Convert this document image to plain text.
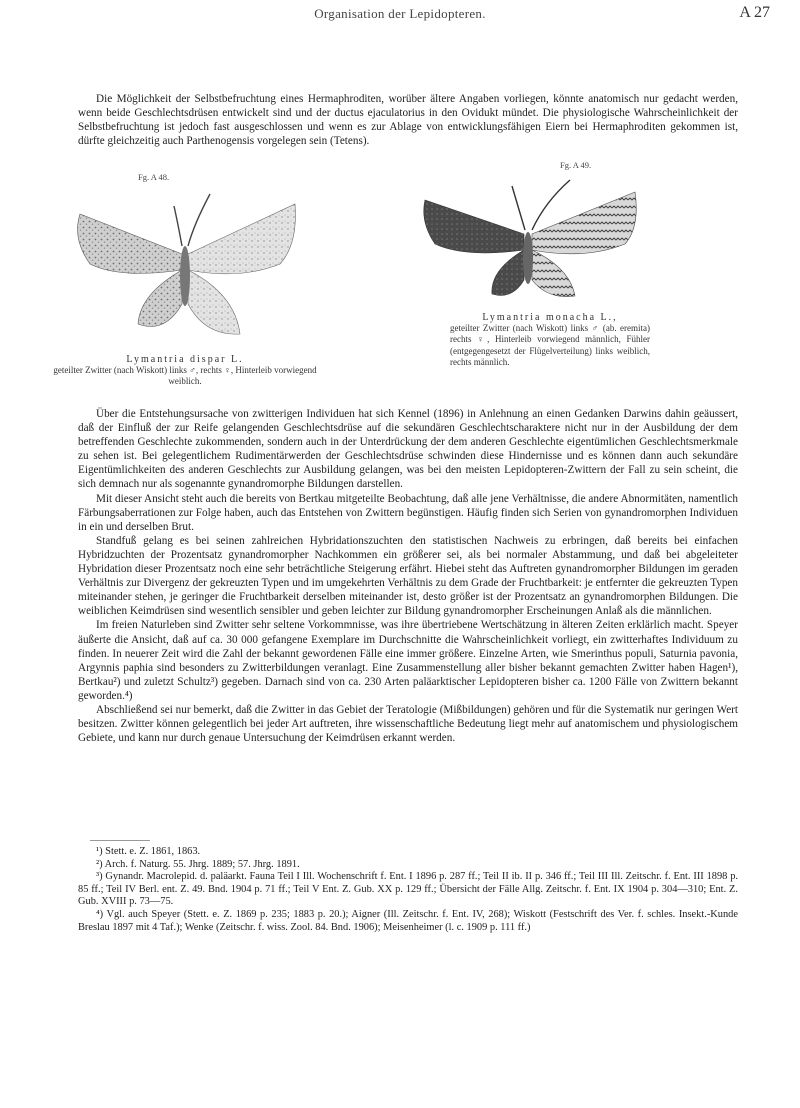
Organisation der Lepidopteren.	A 27

Die Möglichkeit der Selbstbefruchtung eines Hermaphroditen, worüber ältere Angaben vorliegen, könnte anatomisch nur gedacht werden, wenn beide Geschlechtsdrüsen entwickelt sind und der ductus ejaculatorius in den Ovidukt mündet. Die physiologische Wahrscheinlichkeit der Selbstbefruchtung ist jedoch fast ausgeschlossen und wenn es zur Ablage von entwicklungsfähigen Eiern bei Hermaphroditen gekommen ist, dürfte gleichzeitig auch Parthenogensis vorgelegen sein (Tetens).

Fg. A 48.
Lymantria dispar L.
geteilter Zwitter (nach Wiskott) links ♂, rechts ♀, Hinterleib vorwiegend weiblich.
Fg. A 49.
Lymantria monacha L.,
geteilter Zwitter (nach Wiskott) links ♂ (ab. eremita) rechts ♀, Hinterleib vorwiegend männlich, Fühler (entgegengesetzt der Flügelverteilung) links weiblich, rechts männlich.

Über die Entstehungsursache von zwitterigen Individuen hat sich Kennel (1896) in Anlehnung an einen Gedanken Darwins dahin geäussert, daß der Einfluß der zur Reife gelangenden Geschlechtsdrüse auf die sekundären Geschlechtscharaktere nicht nur in der Ausbildung der dem betreffenden Geschlechte zukommenden, sondern auch in der Unterdrückung der dem anderen Geschlechte eigentümlichen Geschlechtsmerkmale zu sehen ist. Bei gelegentlichem Rudimentärwerden der Geschlechtsdrüse schwinden diese Hindernisse und es können dann auch sekundäre Eigentümlichkeiten des anderen Geschlechts zur Ausbildung gelangen, was bei den meisten Lepidopteren-Zwittern der Fall zu sein scheint, die sich demnach nur als sogenannte gynandromorphe Bildungen darstellen.

Mit dieser Ansicht steht auch die bereits von Bertkau mitgeteilte Beobachtung, daß alle jene Verhältnisse, die andere Abnormitäten, namentlich Färbungsaberrationen zur Folge haben, auch das Entstehen von Zwittern begünstigen. Häufig finden sich Serien von gynandromorphen Individuen in ein und derselben Brut.

Standfuß gelang es bei seinen zahlreichen Hybridationszuchten den statistischen Nachweis zu erbringen, daß bereits bei einfachen Hybridzuchten der Prozentsatz gynandromorpher Nachkommen ein größerer sei, als bei normaler Abstammung, und daß bei abgeleiteter Hybridation dieser Prozentsatz noch eine sehr beträchtliche Steigerung erfährt. Hiebei steht das Auftreten gynandromorpher Bildungen im geraden Verhältnis zur Divergenz der gekreuzten Typen und im umgekehrten Verhältnis zu dem Grade der Fruchtbarkeit: je entfernter die gekreuzten Typen miteinander stehen, je geringer die Fruchtbarkeit derselben miteinander ist, desto größer ist der Prozentsatz an gynandromorphen Bildungen. Die weiblichen Keimdrüsen sind wesentlich sensibler und geben leichter zur Bildung gynandromorpher Erscheinungen Anlaß als die männlichen.

Im freien Naturleben sind Zwitter sehr seltene Vorkommnisse, was ihre übertriebene Wertschätzung in älteren Zeiten erklärlich macht. Speyer äußerte die Ansicht, daß auf ca. 30 000 gefangene Exemplare im Durchschnitte die Wahrscheinlichkeit vorliegt, ein zwitterhaftes Individuum zu finden. In neuerer Zeit wird die Zahl der bekannt gewordenen Fälle eine immer größere. Einzelne Arten, wie Smerinthus populi, Saturnia pavonia, Argynnis paphia sind besonders zu Zwitterbildungen veranlagt. Eine Zusammenstellung aller bisher bekannt gemachten Zwitter haben Hagen¹), Bertkau²) und zuletzt Schultz³) gegeben. Darnach sind von ca. 230 Arten paläarktischer Lepidopteren bisher ca. 1200 Fälle von Zwittern bekannt geworden.⁴)

Abschließend sei nur bemerkt, daß die Zwitter in das Gebiet der Teratologie (Mißbildungen) gehören und für die Systematik nur geringen Wert besitzen. Zwitter können gelegentlich bei jeder Art auftreten, ihre wissenschaftliche Bedeutung liegt mehr auf anatomischem und physiologischem Gebiete, und kann nur durch genaue Untersuchung der Keimdrüsen erkannt werden.

¹) Stett. e. Z. 1861, 1863.

²) Arch. f. Naturg. 55. Jhrg. 1889; 57. Jhrg. 1891.

³) Gynandr. Macrolepid. d. paläarkt. Fauna Teil I Ill. Wochenschrift f. Ent. I 1896 p. 287 ff.; Teil II ib. II p. 346 ff.; Teil III Ill. Zeitschr. f. Ent. III 1898 p. 85 ff.; Teil IV Berl. ent. Z. 49. Bnd. 1904 p. 71 ff.; Teil V Ent. Z. Gub. XX p. 129 ff.; Übersicht der Fälle Allg. Zeitschr. f. Ent. IX 1904 p. 304—310; Ent. Z. Gub. XVIII p. 73—75.

⁴) Vgl. auch Speyer (Stett. e. Z. 1869 p. 235; 1883 p. 20.); Aigner (Ill. Zeitschr. f. Ent. IV, 268); Wiskott (Festschrift des Ver. f. schles. Insekt.-Kunde Breslau 1897 mit 4 Taf.); Wenke (Zeitschr. f. wiss. Zool. 84. Bnd. 1906); Meisenheimer (l. c. 1909 p. 111 ff.)
